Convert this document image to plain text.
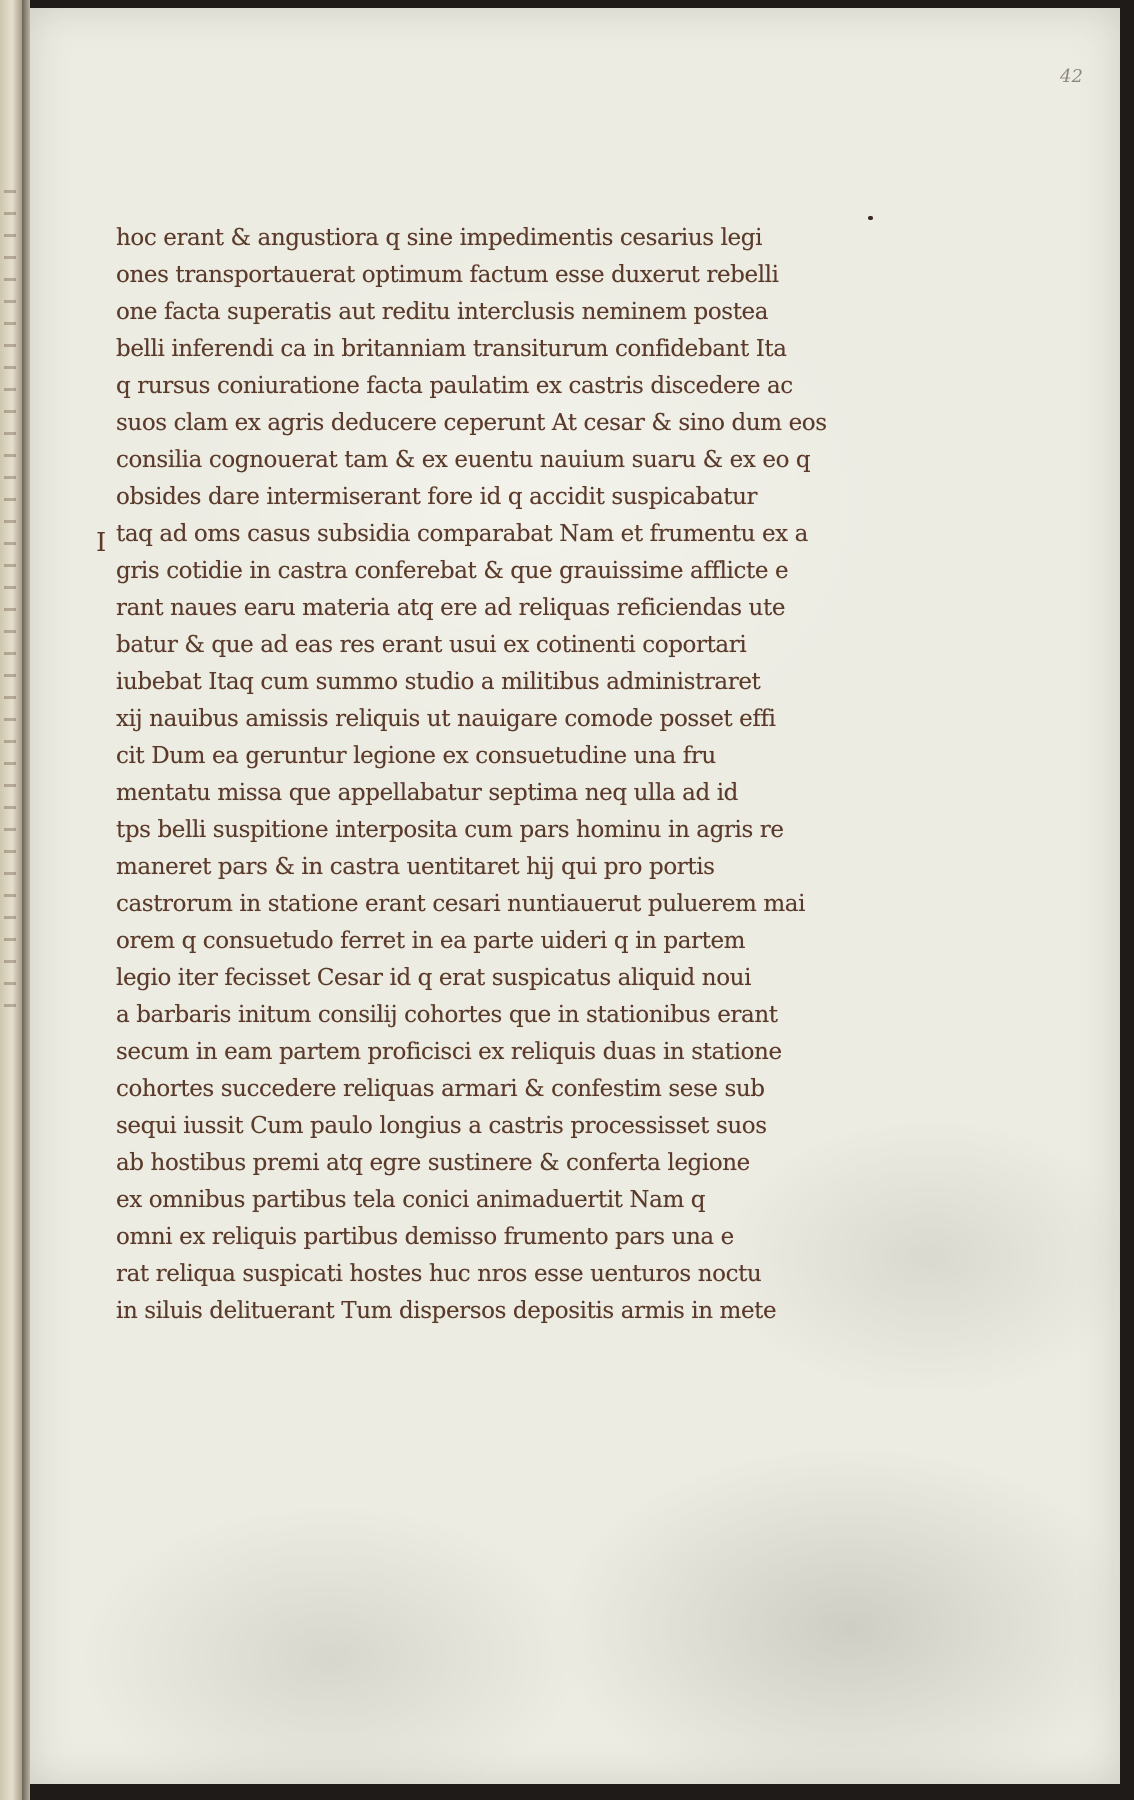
42
I
hoc erant & angustiora q sine impedimentis cesarius legi
ones transportauerat optimum factum esse duxerut rebelli
one facta superatis aut reditu interclusis neminem postea
belli inferendi ca in britanniam transiturum confidebant Ita
q rursus coniuratione facta paulatim ex castris discedere ac
suos clam ex agris deducere ceperunt At cesar & sino dum eos
consilia cognouerat tam & ex euentu nauium suaru & ex eo q
obsides dare intermiserant fore id q accidit suspicabatur
taq ad oms casus subsidia comparabat Nam et frumentu ex a
gris cotidie in castra conferebat & que grauissime afflicte e
rant naues earu materia atq ere ad reliquas reficiendas ute
batur & que ad eas res erant usui ex cotinenti coportari
iubebat Itaq cum summo studio a militibus administraret
xij nauibus amissis reliquis ut nauigare comode posset effi
cit Dum ea geruntur legione ex consuetudine una fru
mentatu missa que appellabatur septima neq ulla ad id
tps belli suspitione interposita cum pars hominu in agris re
maneret pars & in castra uentitaret hij qui pro portis
castrorum in statione erant cesari nuntiauerut puluerem mai
orem q consuetudo ferret in ea parte uideri q in partem
legio iter fecisset Cesar id q erat suspicatus aliquid noui
a barbaris initum consilij cohortes que in stationibus erant
secum in eam partem proficisci ex reliquis duas in statione
cohortes succedere reliquas armari & confestim sese sub
sequi iussit Cum paulo longius a castris processisset suos
ab hostibus premi atq egre sustinere & conferta legione
ex omnibus partibus tela conici animaduertit Nam q
omni ex reliquis partibus demisso frumento pars una e
rat reliqua suspicati hostes huc nros esse uenturos noctu
in siluis delituerant Tum dispersos depositis armis in mete
